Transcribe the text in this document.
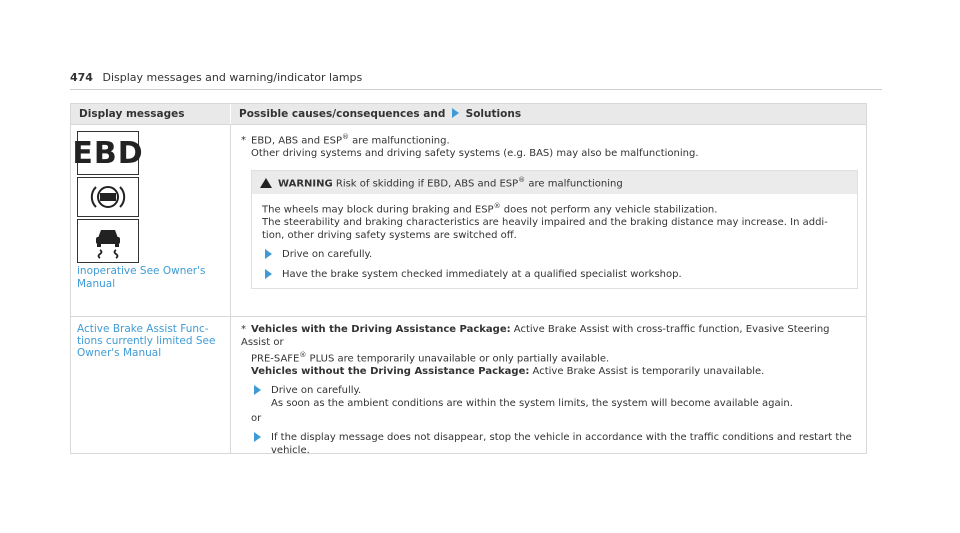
474 Display messages and warning/indicator lamps
Display messages	Possible causes/consequences and Solutions
EBD
inoperative See Owner's Manual
* EBD, ABS and ESP® are malfunctioning.
Other driving systems and driving safety systems (e.g. BAS) may also be malfunctioning.
WARNING Risk of skidding if EBD, ABS and ESP® are malfunctioning
The wheels may block during braking and ESP® does not perform any vehicle stabilization.
The steerability and braking characteristics are heavily impaired and the braking distance may increase. In addi-tion, other driving safety systems are switched off.
Drive on carefully.
Have the brake system checked immediately at a qualified specialist workshop.
Active Brake Assist Func-tions currently limited See Owner's Manual
* Vehicles with the Driving Assistance Package: Active Brake Assist with cross-traffic function, Evasive Steering Assist or
PRE-SAFE® PLUS are temporarily unavailable or only partially available.
Vehicles without the Driving Assistance Package: Active Brake Assist is temporarily unavailable.
Drive on carefully.
As soon as the ambient conditions are within the system limits, the system will become available again.
or
If the display message does not disappear, stop the vehicle in accordance with the traffic conditions and restart the vehicle.
